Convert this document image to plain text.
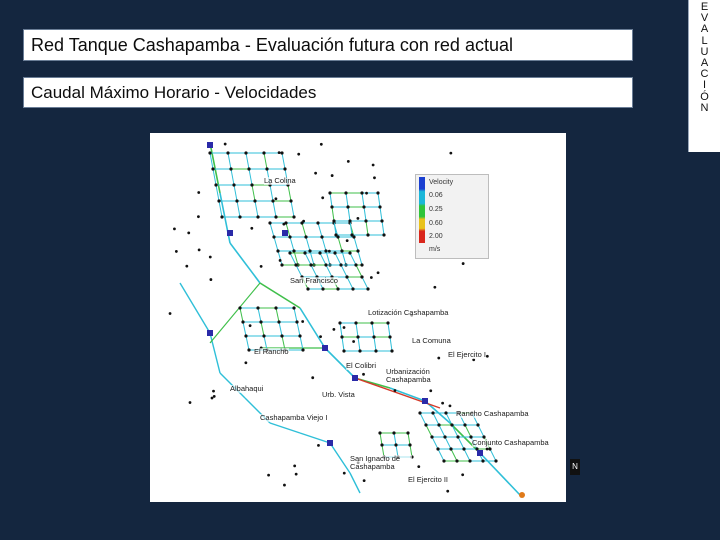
Red Tanque Cashapamba - Evaluación futura con red actual
Caudal Máximo Horario - Velocidades
E
V
A
L
U
A
C
I
Ó
N
Velocity
0.06
0.25
0.60
2.00
m/s
La Colina
San Francisco
Lotización Cashapamba
La Comuna
El Ejercito I
El Rancho
El Colibri
Urbanización Cashapamba
Albahaqui
Urb. Vista
Rancho Cashapamba
Cashapamba Viejo I
Conjunto Cashapamba
San Ignacio de Cashapamba
El Ejercito II
N
